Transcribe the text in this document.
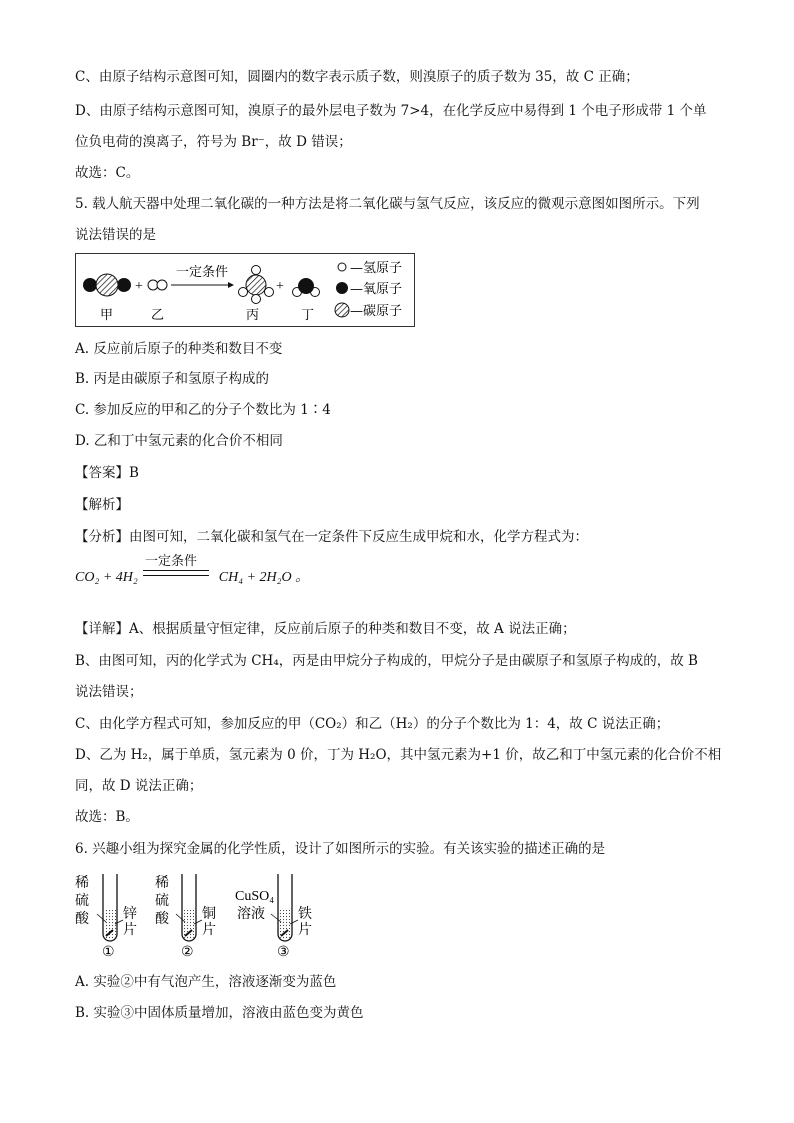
C、由原子结构示意图可知，圆圈内的数字表示质子数，则溴原子的质子数为 35，故 C 正确；
D、由原子结构示意图可知，溴原子的最外层电子数为 7>4，在化学反应中易得到 1 个电子形成带 1 个单
位负电荷的溴离子，符号为 Br⁻，故 D 错误；
故选：C。
5. 载人航天器中处理二氧化碳的一种方法是将二氧化碳与氢气反应，该反应的微观示意图如图所示。下列
说法错误的是
+
一定条件
+
甲	乙	丙	丁
—氢原子
—氧原子
—碳原子
A. 反应前后原子的种类和数目不变
B. 丙是由碳原子和氢原子构成的
C. 参加反应的甲和乙的分子个数比为 1∶4
D. 乙和丁中氢元素的化合价不相同
【答案】B
【解析】
【分析】由图可知，二氧化碳和氢气在一定条件下反应生成甲烷和水，化学方程式为：
CO₂ + 4H₂
一定条件
CH₄ + 2H₂O 。
【详解】A、根据质量守恒定律，反应前后原子的种类和数目不变，故 A 说法正确；
B、由图可知，丙的化学式为 CH₄，丙是由甲烷分子构成的，甲烷分子是由碳原子和氢原子构成的，故 B
说法错误；
C、由化学方程式可知，参加反应的甲（CO₂）和乙（H₂）的分子个数比为 1：4，故 C 说法正确；
D、乙为 H₂，属于单质，氢元素为 0 价，丁为 H₂O，其中氢元素为+1 价，故乙和丁中氢元素的化合价不相
同，故 D 说法正确；
故选：B。
6. 兴趣小组为探究金属的化学性质，设计了如图所示的实验。有关该实验的描述正确的是
稀
硫
酸 锌
片
①
稀
硫
酸 铜
片
②
CuSO₄
溶液 铁
片
③
A. 实验②中有气泡产生，溶液逐渐变为蓝色
B. 实验③中固体质量增加，溶液由蓝色变为黄色
